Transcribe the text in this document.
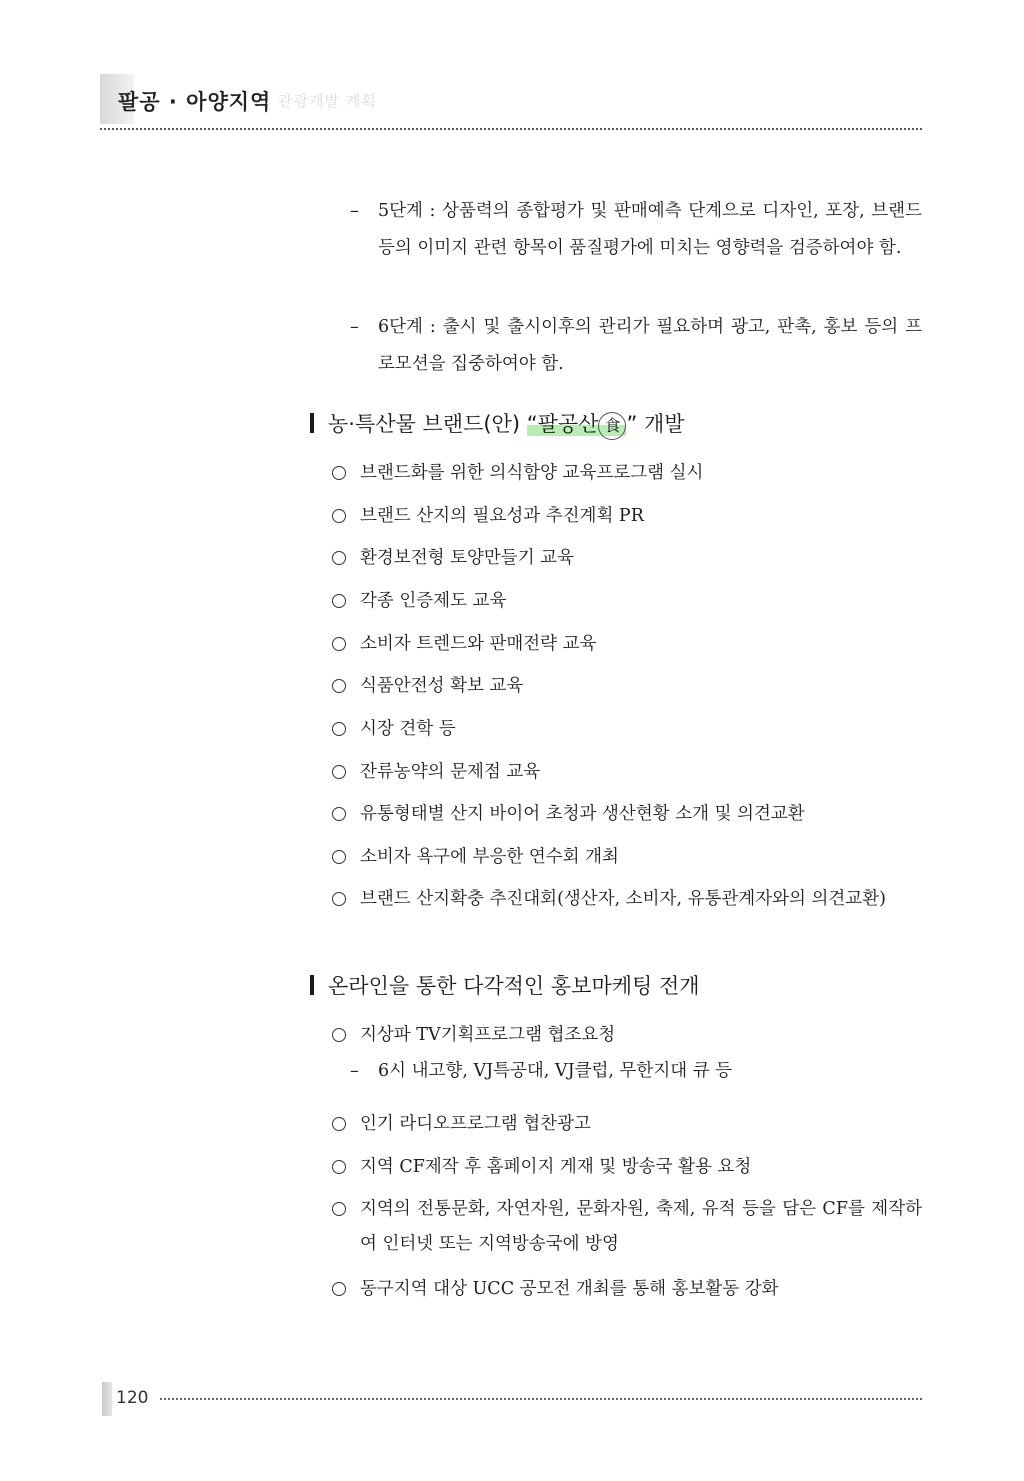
팔공 · 아양지역 관광개발 계획
– 5단계 : 상품력의 종합평가 및 판매예측 단계으로 디자인, 포장, 브랜드 등의 이미지 관련 항목이 품질평가에 미치는 영향력을 검증하여야 함.
– 6단계 : 출시 및 출시이후의 관리가 필요하며 광고, 판촉, 홍보 등의 프로모션을 집중하여야 함.
농·특산물 브랜드(안) “팔공산 食 ” 개발
브랜드화를 위한 의식함양 교육프로그램 실시
브랜드 산지의 필요성과 추진계획 PR
환경보전형 토양만들기 교육
각종 인증제도 교육
소비자 트렌드와 판매전략 교육
식품안전성 확보 교육
시장 견학 등
잔류농약의 문제점 교육
유통형태별 산지 바이어 초청과 생산현황 소개 및 의견교환
소비자 욕구에 부응한 연수회 개최
브랜드 산지확충 추진대회(생산자, 소비자, 유통관계자와의 의견교환)
온라인을 통한 다각적인 홍보마케팅 전개
지상파 TV기획프로그램 협조요청
– 6시 내고향, VJ특공대, VJ클럽, 무한지대 큐 등
인기 라디오프로그램 협찬광고
지역 CF제작 후 홈페이지 게재 및 방송국 활용 요청
지역의 전통문화, 자연자원, 문화자원, 축제, 유적 등을 담은 CF를 제작하여 인터넷 또는 지역방송국에 방영
동구지역 대상 UCC 공모전 개최를 통해 홍보활동 강화
120
